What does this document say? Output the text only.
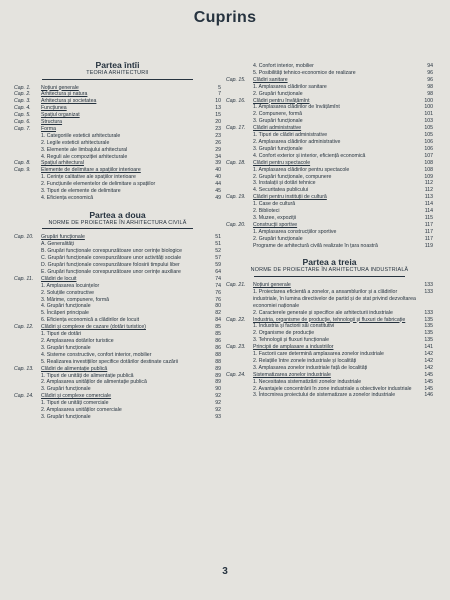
Cuprins
Partea întîi
TEORIA ARHITECTURII
Cap. 1.	Noțiuni generale	5
Cap. 2.	Arhitectura și natura	7
Cap. 3.	Arhitectura și societatea	10
Cap. 4.	Funcțiunea	13
Cap. 5.	Spațiul organizat	15
Cap. 6.	Structura	20
Cap. 7.	Forma	23
1. Categoriile esteticii arhitecturale	23
2. Legile esteticii arhitecturale	26
3. Elemente ale limbajului arhitectural	29
4. Reguli ale compoziției arhitecturale	34
Cap. 8.	Spațiul arhitectural	39
Cap. 9.	Elemente de delimitare a spațiilor interioare	40
1. Cerințe calitative ale spațiilor interioare	40
2. Funcțiunile elementelor de delimitare a spațiilor	44
3. Tipuri de elemente de delimitare	45
4. Eficiența economică	49
Partea a doua
NORME DE PROIECTARE ÎN ARHITECTURA CIVILĂ
Cap. 10.	Grupări funcționale	51
A. Generalități	51
B. Grupări funcționale corespunzătoare unor cerințe biologice	52
C. Grupări funcționale corespunzătoare unor activități sociale	57
D. Grupări funcționale corespunzătoare folosirii timpului liber	59
E. Grupări funcționale corespunzătoare unor cerințe auxiliare	64
Cap. 11.	Clădiri de locuit	74
1. Amplasarea locuințelor	74
2. Soluțiile constructive	76
3. Mărime, compunere, formă	76
4. Grupări funcționale	80
5. Încăperi principale	82
6. Eficiența economică a clădirilor de locuit	84
Cap. 12.	Clădiri și complexe de cazare (dotări turistice)	85
1. Tipuri de dotări	85
2. Amplasarea dotărilor turistice	86
3. Grupări funcționale	86
4. Sisteme constructive, confort interior, mobilier	88
5. Realizarea investițiilor specifice dotărilor destinate cazării	88
Cap. 13.	Clădiri de alimentație publică	89
1. Tipuri de unități de alimentație publică	89
2. Amplasarea unităților de alimentație publică	89
3. Grupări funcționale	90
Cap. 14.	Clădiri și complexe comerciale	92
1. Tipuri de unități comerciale	92
2. Amplasarea unităților comerciale	92
3. Grupări funcționale	93
4. Confort interior, mobilier	94
5. Posibilități tehnico-economice de realizare	96
Cap. 15.	Clădiri sanitare	96
1. Amplasarea clădirilor sanitare	98
2. Grupări funcționale	98
Cap. 16.	Clădiri pentru învățămînt	100
1. Amplasarea clădirilor de învățămînt	100
2. Compunere, formă	101
3. Grupări funcționale	103
Cap. 17.	Clădiri administrative	105
1. Tipuri de clădiri administrative	105
2. Amplasarea clădirilor administrative	106
3. Grupări funcționale	106
4. Confort exterior și interior, eficiență economică	107
Cap. 18.	Clădiri pentru spectacole	108
1. Amplasarea clădirilor pentru spectacole	108
2. Grupări funcționale, compunere	109
3. Instalații și dotări tehnice	112
4. Securitatea publicului	112
Cap. 19.	Clădiri pentru instituții de cultură	113
1. Case de cultură	114
2. Biblioteci	114
3. Muzee, expoziții	115
Cap. 20.	Construcții sportive	117
1. Amplasarea construcțiilor sportive	117
2. Grupări funcționale	117
Programe de arhitectură civilă realizate în țara noastră	119
Partea a treia
NORME DE PROIECTARE ÎN ARHITECTURA INDUSTRIALĂ
Cap. 21.	Noțiuni generale	133
1. Proiectarea eficientă a zonelor, a ansamblurilor și a clădirilor industriale, în lumina directivelor de partid și de stat privind dezvoltarea economiei naționale
133
2. Caracterele generale și specifice ale arhitecturii industriale	133
Cap. 22.	Industria, organisme de producție, tehnologii și fluxuri de fabricație	135
1. Industria și factorii săi constitutivi	135
2. Organisme de producție	135
3. Tehnologii și fluxuri funcționale	135
Cap. 23.	Principii de amplasare a industriilor	141
1. Factorii care determină amplasarea zonelor industriale	142
2. Relațiile între zonele industriale și localități	142
3. Amplasarea zonelor industriale față de localități	142
Cap. 24.	Sistematizarea zonelor industriale	145
1. Necesitatea sistematizării zonelor industriale	145
2. Avantajele concentrării în zone industriale a obiectivelor industriale	145
3. Întocmirea proiectului de sistematizare a zonelor industriale	146
3
